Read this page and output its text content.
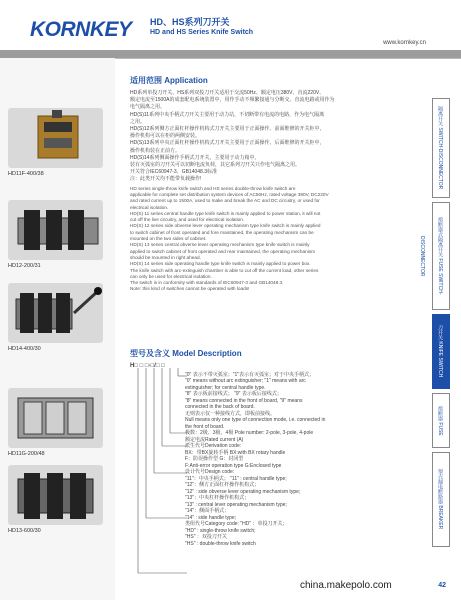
KORNKEY	HD、HS系列刀开关
HD and HS Series Knife Switch
www.kornkey.cn
HD11F-400/38
HD12-200/31
HD14-400/30
HD11G-200/48
HD13-600/30
隔离开关 SWITCH-DISCONNECTOR
熔断器式隔离开关 FUSE SWITCH-DISCONNECTOR
刀开关 KNIFE SWITCH
熔断器 FUSE
塑壳漏电断路器 BREAKER
适用范围 Application
HD系列单投刀开关、HS系列双投刀开关适用于交流50Hz、额定电压380V、直流220V、
额定电流至1500A的成套配电系统装置中，用作手动不频繁接通与分断交、直流电路或用作为
电气隔离之用。
HD(S)11系列中央手柄式刀开关主要用于动力站，不切断带有电流的电路，作为电气隔离
之用。
HD(S)12系列侧方正面杠杆操作机构式刀开关主要用于正面操作、前面维修的开关柜中，
操作机构可以在柜的两侧安装。
HD(S)13系列中央正面杠杆操作机构式刀开关主要用于正面操作、后面维修的开关柜中，
操作机构装在正前方。
HD(S)14系列侧面操作手柄式刀开关，主要用于动力箱中。
装有灭弧室的刀开关可以切断电流负荷，其它系列刀开关只作电气隔离之用。
开关符合IEC60947-3、GB14048.3标准
注：此类开关均不能带负载操作!
HD series single-throw knife switch and HS series double-throw knife switch are
applicable for complete set distribution system devices of AC50Hz, rated voltage 380V, DC220V
and rated current up to 1500A, used to make and break the AC and DC circuitry, or used for
electrical isolation.
HD(S) 11 series central handle type knife switch is mainly applied to power station, it will not
cut off the live circuitry, and used for electrical isolation.
HD(S) 12 series side obverse lever operating mechanism type knife switch is mainly applied
to switch cabinet of front operated and fore maintained, the operating mechanism can be
mounted on the two sides of cabinet.
HD(S) 13 series central obverse lever operating mechanism type knife switch is mainly
applied to switch cabinet of front operated and rear maintained, the operating mechanism
should be mounted in right ahead.
HD(S) 14 series side operating handle type knife switch is mainly applied to power box.
The knife switch with arc-extinguish chamber is able to cut off the current load, other series
can only be used for electrical isolation.
The switch is in conformity with standards of IEC60947-3 and GB14048.3.
Note: this kind of switches cannot be operated with loads!
型号及含义 Model Description
H□ □ □-□/□ □
"0" 表示不带灭弧室；"1"表示有灭弧室；对于中央手柄式；
"0" means without arc extinguisher; "1" means with arc
extinguisher; for central handle type.
"8" 表示板前接线式； "9" 表示板后接线式；
"8" means connected in the front of board, "9" means
connected in the back of board.
无则表示仅一种接线方式，即板前接线。
Null means only one type of connection mode, i.e. connected in
the front of board.
极数：2极、3极、4极 Pole number: 2-pole, 3-pole, 4-pole
额定电流Rated current (A)
派生代号Derivation code:
BX：带BX旋转手柄 BX:with BX rotary handle
F：防误操作型 G：封闭型
F:Anti-error operation type G:Enclosed type
设计代号Design code:
"11"：中央手柄式； "11" : central handle type;
"12"：侧方正面杠杆操作机构式；
"12" : side obverse lever operating mechanism type;
"13"：中央杠杆操作机构式；
"13" : central lever operating mechanism type;
"14"：侧面手柄式；
"14" : side handle type;
类组代号Category code: "HD" ：单投刀开关；
"HD" : single-throw knife switch;
"HS" ：双投刀开关
"HS" : double-throw knife switch
china.makepolo.com	42
